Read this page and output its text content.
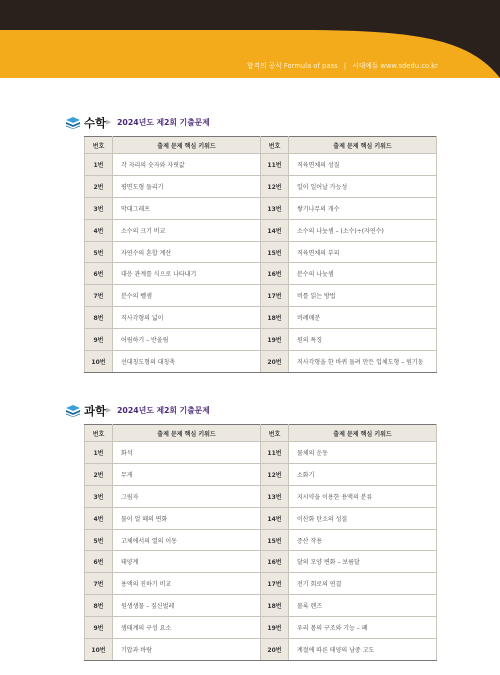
합격의 공식 Formula of pass | 시대에듀 www.sdedu.co.kr
수학 ▶ 2024년도 제2회 기출문제
번호	출제 문제 핵심 키워드	번호	출제 문제 핵심 키워드
1번	각 자리의 숫자와 자릿값	11번	직육면체의 성질
2번	평면도형 돌리기	12번	일이 일어날 가능성
3번	막대그래프	13번	쌓기나무의 개수
4번	소수의 크기 비교	14번	소수의 나눗셈 – (소수)÷(자연수)
5번	자연수의 혼합 계산	15번	직육면체의 부피
6번	대응 관계를 식으로 나타내기	16번	분수의 나눗셈
7번	분수의 뺄셈	17번	비를 읽는 방법
8번	직사각형의 넓이	18번	비례배분
9번	어림하기 – 반올림	19번	원의 특징
10번	선대칭도형의 대칭축	20번	직사각형을 한 바퀴 돌려 만든 입체도형 – 원기둥
과학 ▶ 2024년도 제2회 기출문제
번호	출제 문제 핵심 키워드	번호	출제 문제 핵심 키워드
1번	화석	11번	물체의 운동
2번	무게	12번	소화기
3번	그림자	13번	지시약을 이용한 용액의 분류
4번	물이 얼 때의 변화	14번	이산화 탄소의 성질
5번	고체에서의 열의 이동	15번	증산 작용
6번	태양계	16번	달의 모양 변화 – 보름달
7번	용액의 진하기 비교	17번	전기 회로의 연결
8번	원생생물 – 짚신벌레	18번	볼록 렌즈
9번	생태계의 구성 요소	19번	우리 몸의 구조와 기능 – 폐
10번	기압과 바람	20번	계절에 따른 태양의 남중 고도
